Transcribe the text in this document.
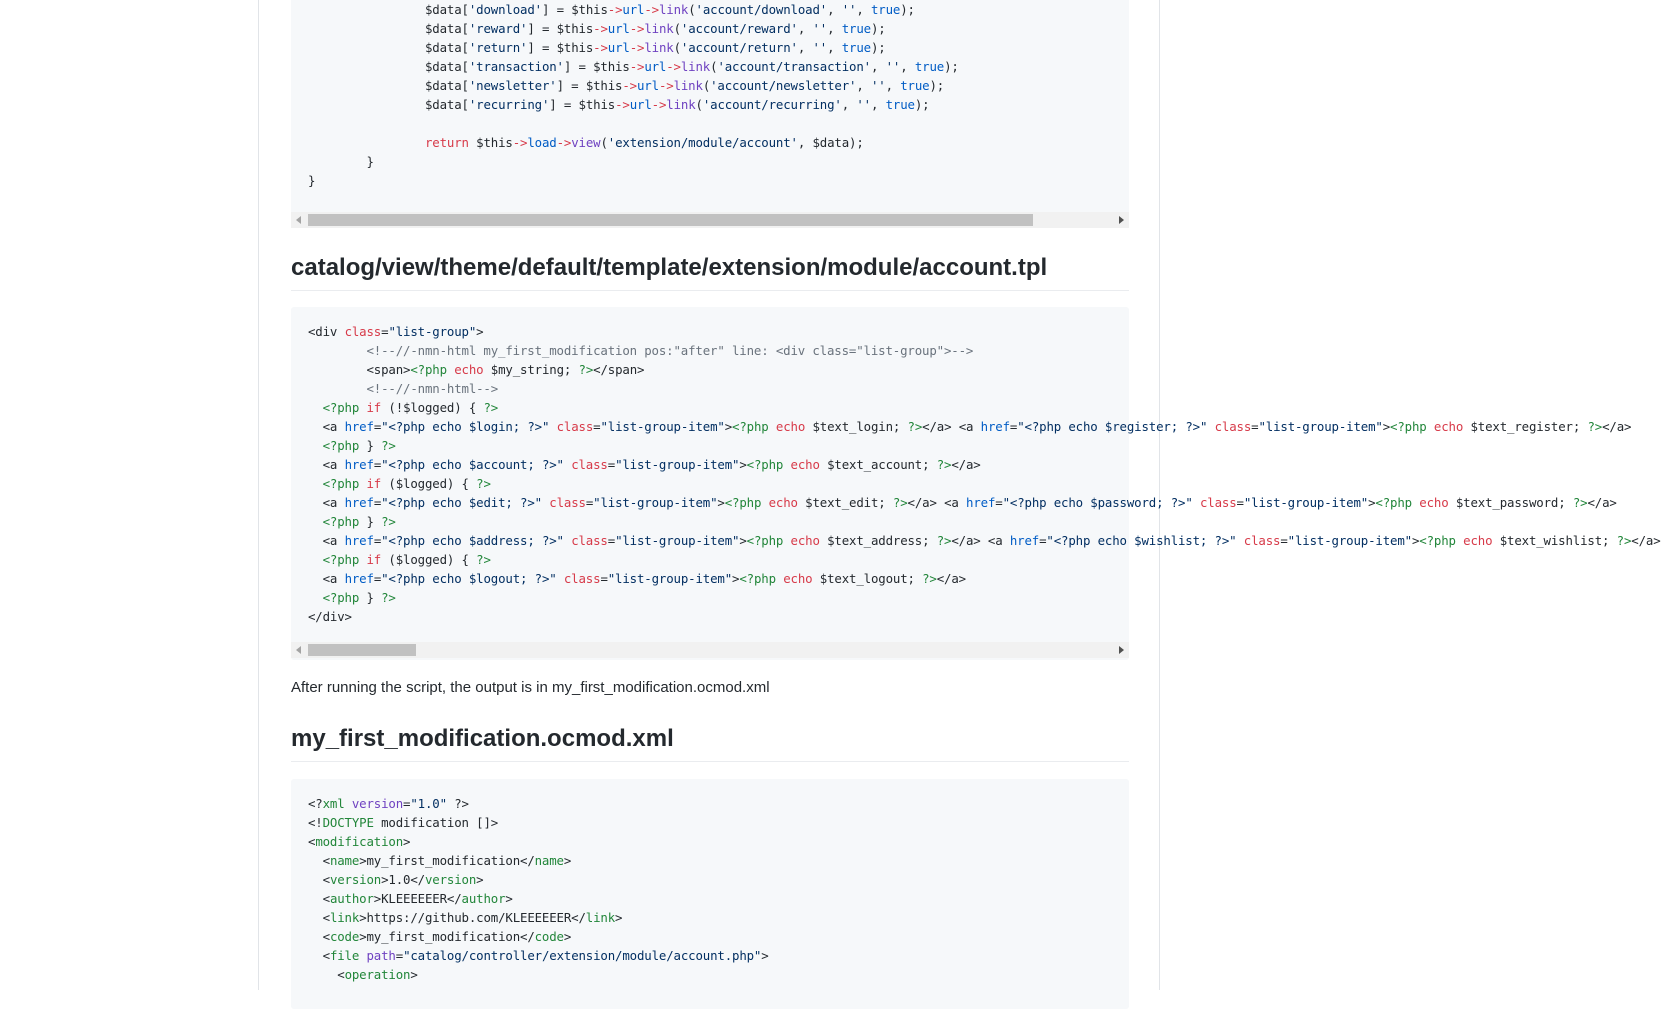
$data['download'] = $this->url->link('account/download', '', true);
$data['reward'] = $this->url->link('account/reward', '', true);
$data['return'] = $this->url->link('account/return', '', true);
$data['transaction'] = $this->url->link('account/transaction', '', true);
$data['newsletter'] = $this->url->link('account/newsletter', '', true);
$data['recurring'] = $this->url->link('account/recurring', '', true);

return $this->load->view('extension/module/account', $data);
}
}
catalog/view/theme/default/template/extension/module/account.tpl
<div class="list-group">
<!--//-nmn-html my_first_modification pos:"after" line: <div class="list-group">-->
<span><?php echo $my_string; ?></span>
<!--//-nmn-html-->
<?php if (!$logged) { ?>
<a href="<?php echo $login; ?>" class="list-group-item"><?php echo $text_login; ?></a> <a href="<?php echo $register; ?>" class="list-group-item"><?php echo $text_register; ?></a>
<?php } ?>
<a href="<?php echo $account; ?>" class="list-group-item"><?php echo $text_account; ?></a>
<?php if ($logged) { ?>
<a href="<?php echo $edit; ?>" class="list-group-item"><?php echo $text_edit; ?></a> <a href="<?php echo $password; ?>" class="list-group-item"><?php echo $text_password; ?></a>
<?php } ?>
<a href="<?php echo $address; ?>" class="list-group-item"><?php echo $text_address; ?></a> <a href="<?php echo $wishlist; ?>" class="list-group-item"><?php echo $text_wishlist; ?></a>
<?php if ($logged) { ?>
<a href="<?php echo $logout; ?>" class="list-group-item"><?php echo $text_logout; ?></a>
<?php } ?>
</div>

After running the script, the output is in my_first_modification.ocmod.xml

my_first_modification.ocmod.xml
<?xml version="1.0" ?>
<!DOCTYPE modification []>
<modification>
<name>my_first_modification</name>
<version>1.0</version>
<author>KLEEEEEER</author>
<link>https://github.com/KLEEEEEER</link>
<code>my_first_modification</code>
<file path="catalog/controller/extension/module/account.php">
<operation>
